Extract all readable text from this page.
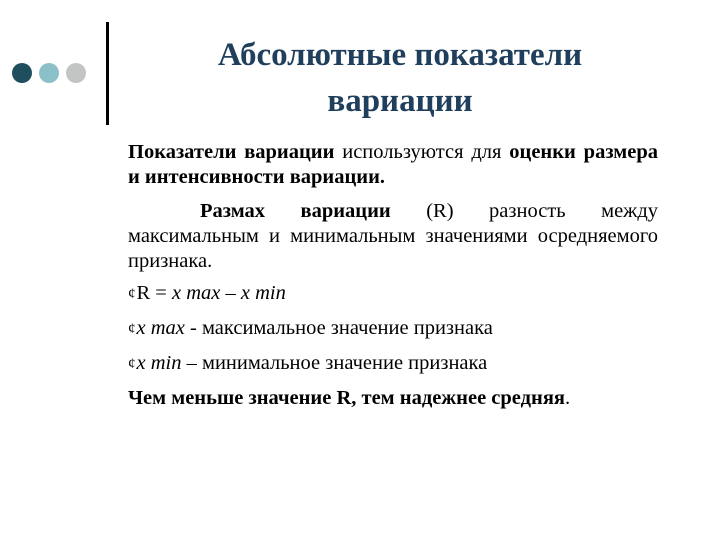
Абсолютные показатели
вариации

Показатели вариации используются для оценки размера и интенсивности вариации.

Размах вариации (R) разность между максимальным и минимальным значениями осредняемого признака.

¢ R = x max – x min
¢ x max - максимальное значение признака
¢ x min – минимальное значение признака

Чем меньше значение R, тем надежнее средняя.
